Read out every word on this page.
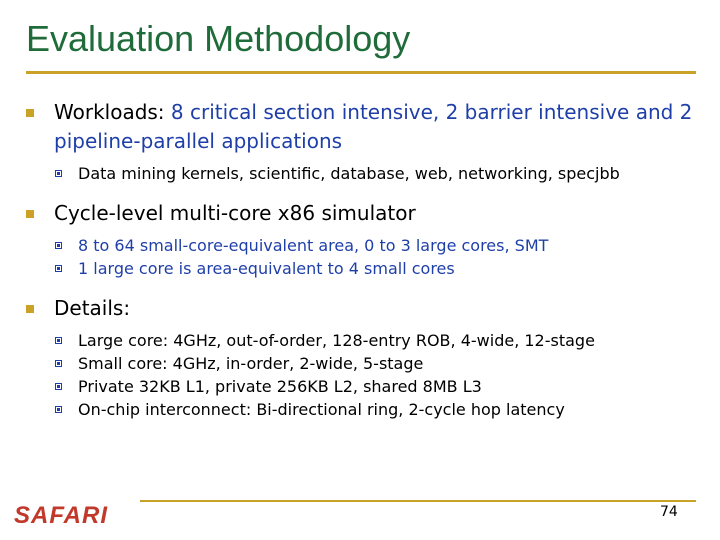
Evaluation Methodology
Workloads: 8 critical section intensive, 2 barrier intensive and 2 pipeline-parallel applications
Data mining kernels, scientific, database, web, networking, specjbb
Cycle-level multi-core x86 simulator
8 to 64 small-core-equivalent area, 0 to 3 large cores, SMT
1 large core is area-equivalent to 4 small cores
Details:
Large core: 4GHz, out-of-order, 128-entry ROB, 4-wide, 12-stage
Small core: 4GHz, in-order, 2-wide, 5-stage
Private 32KB L1, private 256KB L2, shared 8MB L3
On-chip interconnect: Bi-directional ring, 2-cycle hop latency
SAFARI	74
